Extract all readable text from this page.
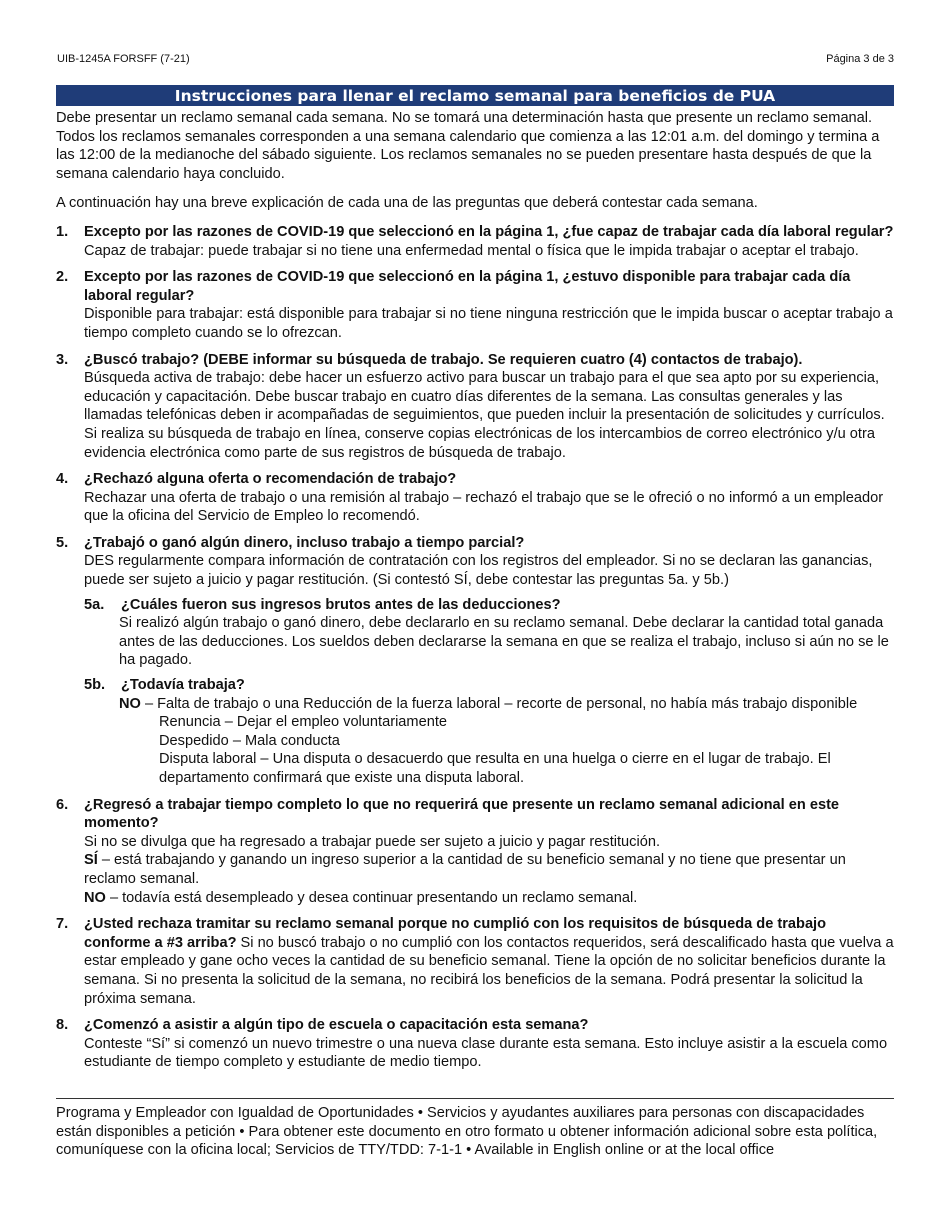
UIB-1245A FORSFF (7-21)	Página 3 de 3
Instrucciones para llenar el reclamo semanal para beneficios de PUA

Debe presentar un reclamo semanal cada semana. No se tomará una determinación hasta que presente un reclamo semanal. Todos los reclamos semanales corresponden a una semana calendario que comienza a las 12:01 a.m. del domingo y termina a las 12:00 de la medianoche del sábado siguiente. Los reclamos semanales no se pueden presentare hasta después de que la semana calendario haya concluido.

A continuación hay una breve explicación de cada una de las preguntas que deberá contestar cada semana.

1.	Excepto por las razones de COVID-19 que seleccionó en la página 1, ¿fue capaz de trabajar cada día laboral regular?
Capaz de trabajar: puede trabajar si no tiene una enfermedad mental o física que le impida trabajar o aceptar el trabajo.
2.	Excepto por las razones de COVID-19 que seleccionó en la página 1, ¿estuvo disponible para trabajar cada día laboral regular?
Disponible para trabajar: está disponible para trabajar si no tiene ninguna restricción que le impida buscar o aceptar trabajo a tiempo completo cuando se lo ofrezcan.
3.	¿Buscó trabajo? (DEBE informar su búsqueda de trabajo. Se requieren cuatro (4) contactos de trabajo).
Búsqueda activa de trabajo: debe hacer un esfuerzo activo para buscar un trabajo para el que sea apto por su experiencia, educación y capacitación. Debe buscar trabajo en cuatro días diferentes de la semana. Las consultas generales y las llamadas telefónicas deben ir acompañadas de seguimientos, que pueden incluir la presentación de solicitudes y currículos. Si realiza su búsqueda de trabajo en línea, conserve copias electrónicas de los intercambios de correo electrónico y/u otra evidencia electrónica como parte de sus registros de búsqueda de trabajo.
4.	¿Rechazó alguna oferta o recomendación de trabajo?
Rechazar una oferta de trabajo o una remisión al trabajo – rechazó el trabajo que se le ofreció o no informó a un empleador que la oficina del Servicio de Empleo lo recomendó.
5.	¿Trabajó o ganó algún dinero, incluso trabajo a tiempo parcial?
DES regularmente compara información de contratación con los registros del empleador. Si no se declaran las ganancias, puede ser sujeto a juicio y pagar restitución. (Si contestó SÍ, debe contestar las preguntas 5a. y 5b.)
5a.	¿Cuáles fueron sus ingresos brutos antes de las deducciones?
Si realizó algún trabajo o ganó dinero, debe declararlo en su reclamo semanal. Debe declarar la cantidad total ganada antes de las deducciones. Los sueldos deben declararse la semana en que se realiza el trabajo, incluso si aún no se le ha pagado.
5b.	¿Todavía trabaja?
NO – Falta de trabajo o una Reducción de la fuerza laboral – recorte de personal, no había más trabajo disponible
Renuncia – Dejar el empleo voluntariamente
Despedido – Mala conducta
Disputa laboral – Una disputa o desacuerdo que resulta en una huelga o cierre en el lugar de trabajo. El departamento confirmará que existe una disputa laboral.
6.	¿Regresó a trabajar tiempo completo lo que no requerirá que presente un reclamo semanal adicional en este momento?
Si no se divulga que ha regresado a trabajar puede ser sujeto a juicio y pagar restitución.
SÍ – está trabajando y ganando un ingreso superior a la cantidad de su beneficio semanal y no tiene que presentar un reclamo semanal.
NO – todavía está desempleado y desea continuar presentando un reclamo semanal.
7.	¿Usted rechaza tramitar su reclamo semanal porque no cumplió con los requisitos de búsqueda de trabajo conforme a #3 arriba? Si no buscó trabajo o no cumplió con los contactos requeridos, será descalificado hasta que vuelva a estar empleado y gane ocho veces la cantidad de su beneficio semanal. Tiene la opción de no solicitar beneficios durante la semana. Si no presenta la solicitud de la semana, no recibirá los beneficios de la semana. Podrá presentar la solicitud la próxima semana.
8.	¿Comenzó a asistir a algún tipo de escuela o capacitación esta semana?
Conteste “Sí” si comenzó un nuevo trimestre o una nueva clase durante esta semana. Esto incluye asistir a la escuela como estudiante de tiempo completo y estudiante de medio tiempo.
Programa y Empleador con Igualdad de Oportunidades • Servicios y ayudantes auxiliares para personas con discapacidades están disponibles a petición • Para obtener este documento en otro formato u obtener información adicional sobre esta política, comuníquese con la oficina local; Servicios de TTY/TDD: 7-1-1 • Available in English online or at the local office
